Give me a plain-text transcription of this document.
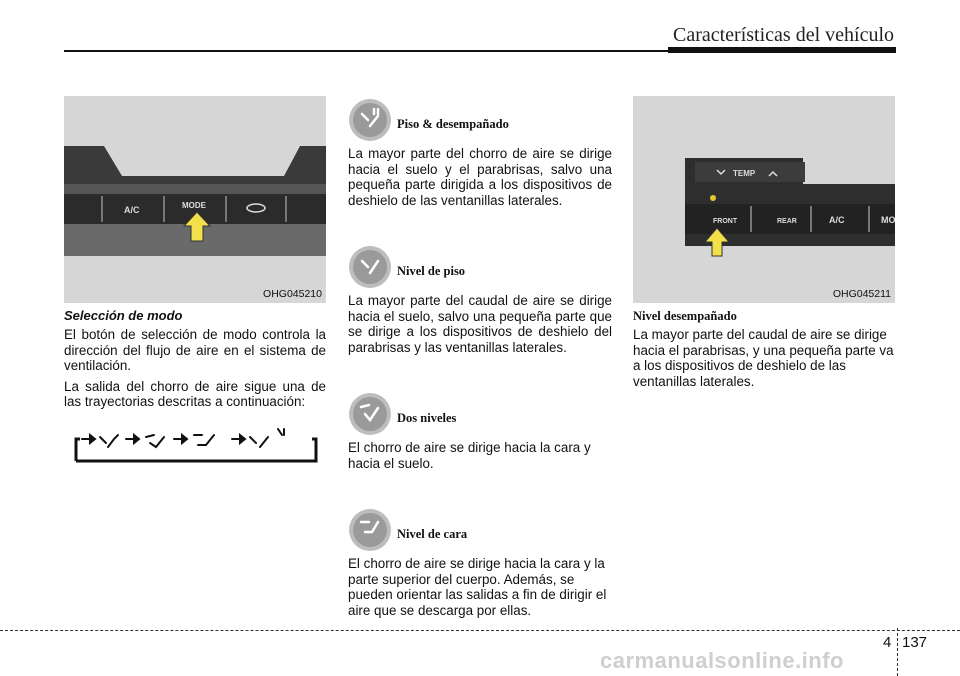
Características del vehículo
A/C	MODE
OHG045210
Selección de modo

El botón de selección de modo controla la dirección del flujo de aire en el sistema de ventilación.

La salida del chorro de aire sigue una de las trayectorias descritas a continuación:

Piso & desempañado

La mayor parte del chorro de aire se dirige hacia el suelo y el parabrisas, salvo una pequeña parte dirigida a los dispositivos de deshielo de las ventanillas laterales.

Nivel de piso

La mayor parte del caudal de aire se dirige hacia el suelo, salvo una pequeña parte que se dirige a los dispositivos de deshielo del parabrisas y las ventanillas laterales.

Dos niveles

El chorro de aire se dirige hacia la cara y hacia el suelo.

Nivel de cara

El chorro de aire se dirige hacia la cara y la parte superior del cuerpo. Además, se pueden orientar las salidas a fin de dirigir el aire que se descarga por ellas.

TEMP
FRONT	REAR	A/C	MO
OHG045211
Nivel desempañado

La mayor parte del caudal de aire se dirige hacia el parabrisas, y una pequeña parte va a los dispositivos de deshielo de las ventanillas laterales.

4 137
carmanualsonline.info
